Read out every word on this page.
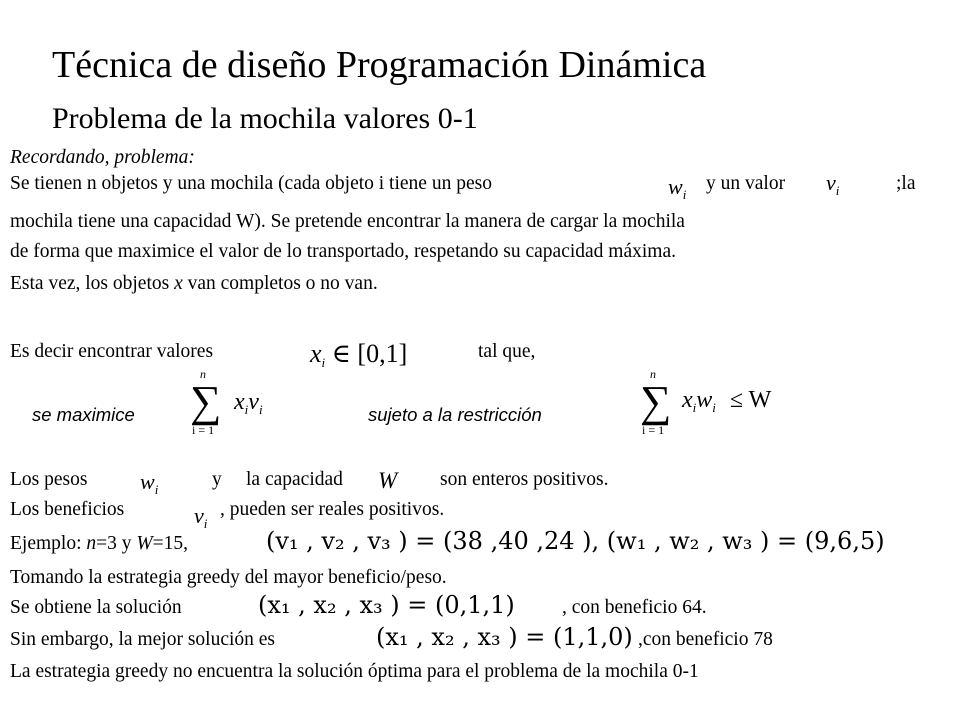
Técnica de diseño Programación Dinámica
Problema de la mochila valores 0-1
Recordando, problema:
Se tienen n objetos y una mochila (cada objeto i tiene un peso	$w_i$
y un valor $v_i$	;la
mochila tiene una capacidad W). Se pretende encontrar la manera de cargar la mochila
de forma que maximice el valor de lo transportado, respetando su capacidad máxima.
Esta vez, los objetos x van completos o no van.
Es decir encontrar valores	$x_i$ ∈ [0,1]	tal que,
se maximice
n
∑
i = 1
$x_iv_i$	sujeto a la restricción
n
∑
i = 1
$x_iw_i \le W$
Los pesos $w_i$	y la capacidad W son enteros positivos.
Los beneficios	$v_i$
, pueden ser reales positivos.
Ejemplo: n=3 y W=15,	(v₁ , v₂ , v₃ ) = (38 ,40 ,24 ), (w₁ , w₂ , w₃ ) = (9,6,5)
Tomando la estrategia greedy del mayor beneficio/peso.
Se obtiene la solución	(x₁ , x₂ , x₃ ) = (0,1,1) , con beneficio 64.
Sin embargo, la mejor solución es	(x₁ , x₂ , x₃ ) = (1,1,0) ,con beneficio 78
La estrategia greedy no encuentra la solución óptima para el problema de la mochila 0-1
